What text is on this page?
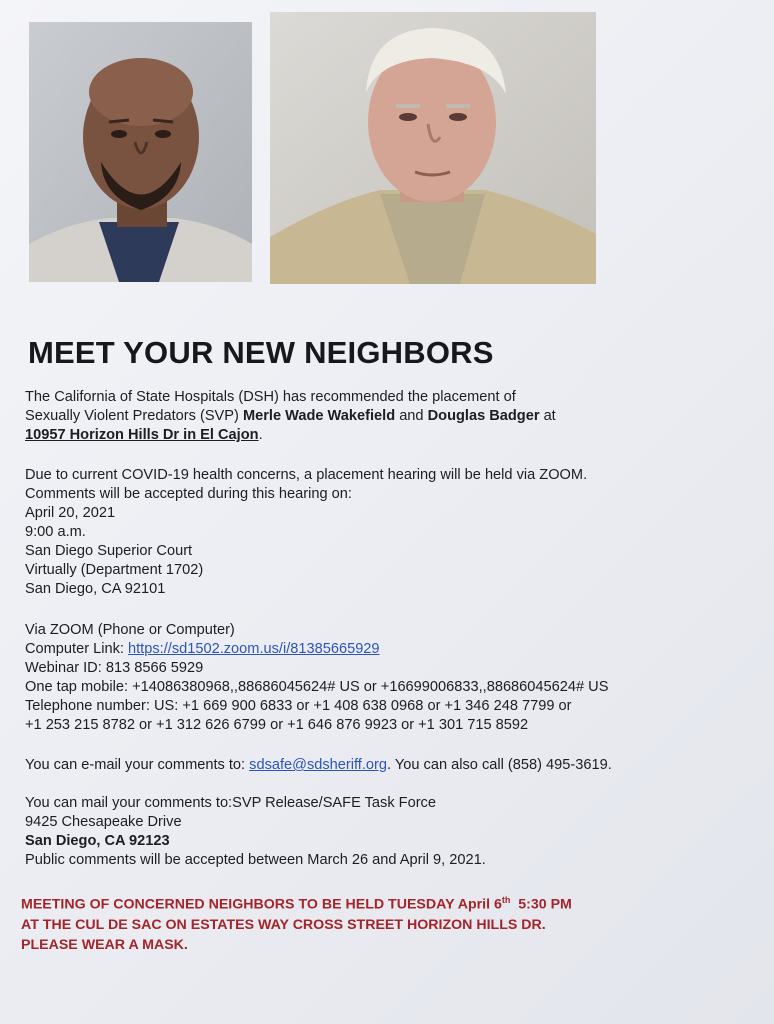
MEET YOUR NEW NEIGHBORS
The California of State Hospitals (DSH) has recommended the placement of
Sexually Violent Predators (SVP) Merle Wade Wakefield and Douglas Badger at
10957 Horizon Hills Dr in El Cajon.
Due to current COVID-19 health concerns, a placement hearing will be held via ZOOM.
Comments will be accepted during this hearing on:
April 20, 2021
9:00 a.m.
San Diego Superior Court
Virtually (Department 1702)
San Diego, CA 92101
Via ZOOM (Phone or Computer)
Computer Link: https://sd1502.zoom.us/i/81385665929
Webinar ID: 813 8566 5929
One tap mobile: +14086380968,,88686045624# US or +16699006833,,88686045624# US
Telephone number: US: +1 669 900 6833 or +1 408 638 0968 or +1 346 248 7799 or
+1 253 215 8782 or +1 312 626 6799 or +1 646 876 9923 or +1 301 715 8592
You can e-mail your comments to: sdsafe@sdsheriff.org. You can also call (858) 495-3619.
You can mail your comments to:SVP Release/SAFE Task Force
9425 Chesapeake Drive
San Diego, CA 92123
Public comments will be accepted between March 26 and April 9, 2021.
MEETING OF CONCERNED NEIGHBORS TO BE HELD TUESDAY April 6th  5:30 PM
AT THE CUL DE SAC ON ESTATES WAY CROSS STREET HORIZON HILLS DR.
PLEASE WEAR A MASK.
